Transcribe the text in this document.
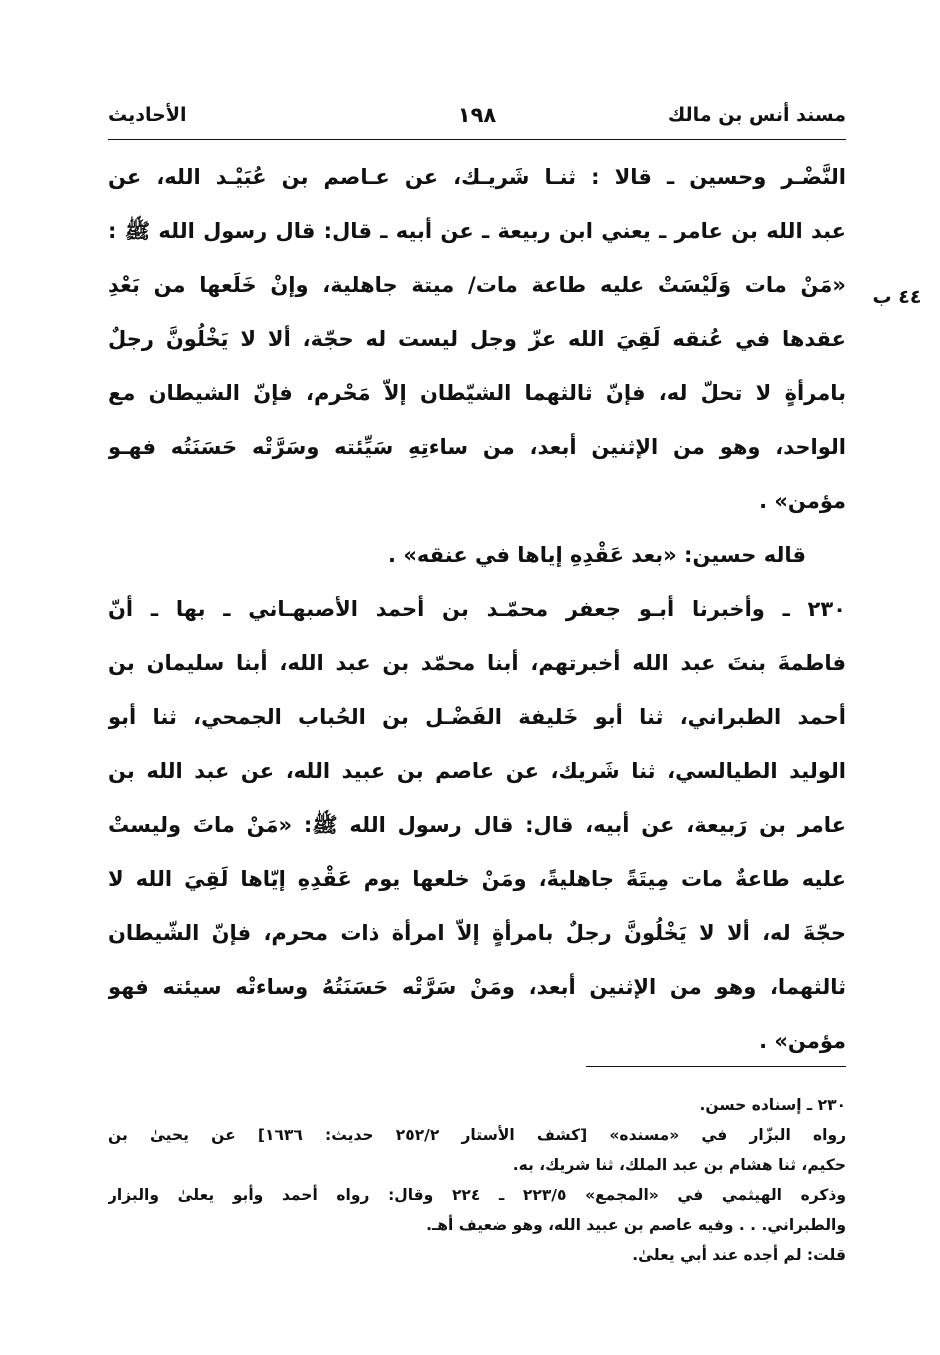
مسند أنس بن مالك
١٩٨
الأحاديث
٤٤ ب
النَّضْـر وحسين ـ قالا : ثنـا شَريـك، عن عـاصم بن عُبَيْـد الله، عن
عبد الله بن عامر ـ يعني ابن ربيعة ـ عن أبيه ـ قال: قال رسول الله ﷺ :
«مَنْ مات وَلَيْسَتْ عليه طاعة مات/ ميتة جاهلية، وإنْ خَلَعها من بَعْدِ
عقدها في عُنقه لَقِيَ الله عزّ وجل ليست له حجّة، ألا لا يَخْلُونَّ رجلٌ
بامرأةٍ لا تحلّ له، فإنّ ثالثهما الشيّطان إلاّ مَحْرم، فإنّ الشيطان مع
الواحد، وهو من الإثنين أبعد، من ساءتِهِ سَيِّئته وسَرَّتْه حَسَنَتُه فهـو
مؤمن» .
قاله حسين: «بعد عَقْدِهِ إياها في عنقه» .
٢٣٠ ـ وأخبرنا أبـو جعفر محمّـد بن أحمد الأصبهـاني ـ بها ـ أنّ
فاطمةَ بنتَ عبد الله أخبرتهم، أبنا محمّد بن عبد الله، أبنا سليمان بن
أحمد الطبراني، ثنا أبو خَليفة الفَضْـل بن الحُباب الجمحي، ثنا أبو
الوليد الطيالسي، ثنا شَريك، عن عاصم بن عبيد الله، عن عبد الله بن
عامر بن رَبيعة، عن أبيه، قال: قال رسول الله ﷺ: «مَنْ ماتَ وليستْ
عليه طاعةٌ مات مِيتَةً جاهليةً، ومَنْ خلعها يوم عَقْدِهِ إيّاها لَقِيَ الله لا
حجّةَ له، ألا لا يَخْلُونَّ رجلٌ بامرأةٍ إلاّ امرأة ذات محرم، فإنّ الشّيطان
ثالثهما، وهو من الإثنين أبعد، ومَنْ سَرَّتْه حَسَنَتُهُ وساءتْه سيئته فهو
مؤمن» .
٢٣٠ ـ إسناده حسن.
رواه البزّار في «مسنده» [كشف الأستار ٢٥٢/٢ حديث: ١٦٣٦] عن يحيىٰ بن
حكيم، ثنا هشام بن عبد الملك، ثنا شريك، به.
وذكره الهيثمي في «المجمع» ٢٢٣/٥ ـ ٢٢٤ وقال: رواه أحمد وأبو يعلىٰ والبزار
والطبراني. . . وفيه عاصم بن عبيد الله، وهو ضعيف أهـ.
قلت: لم أجده عند أبي يعلىٰ.
